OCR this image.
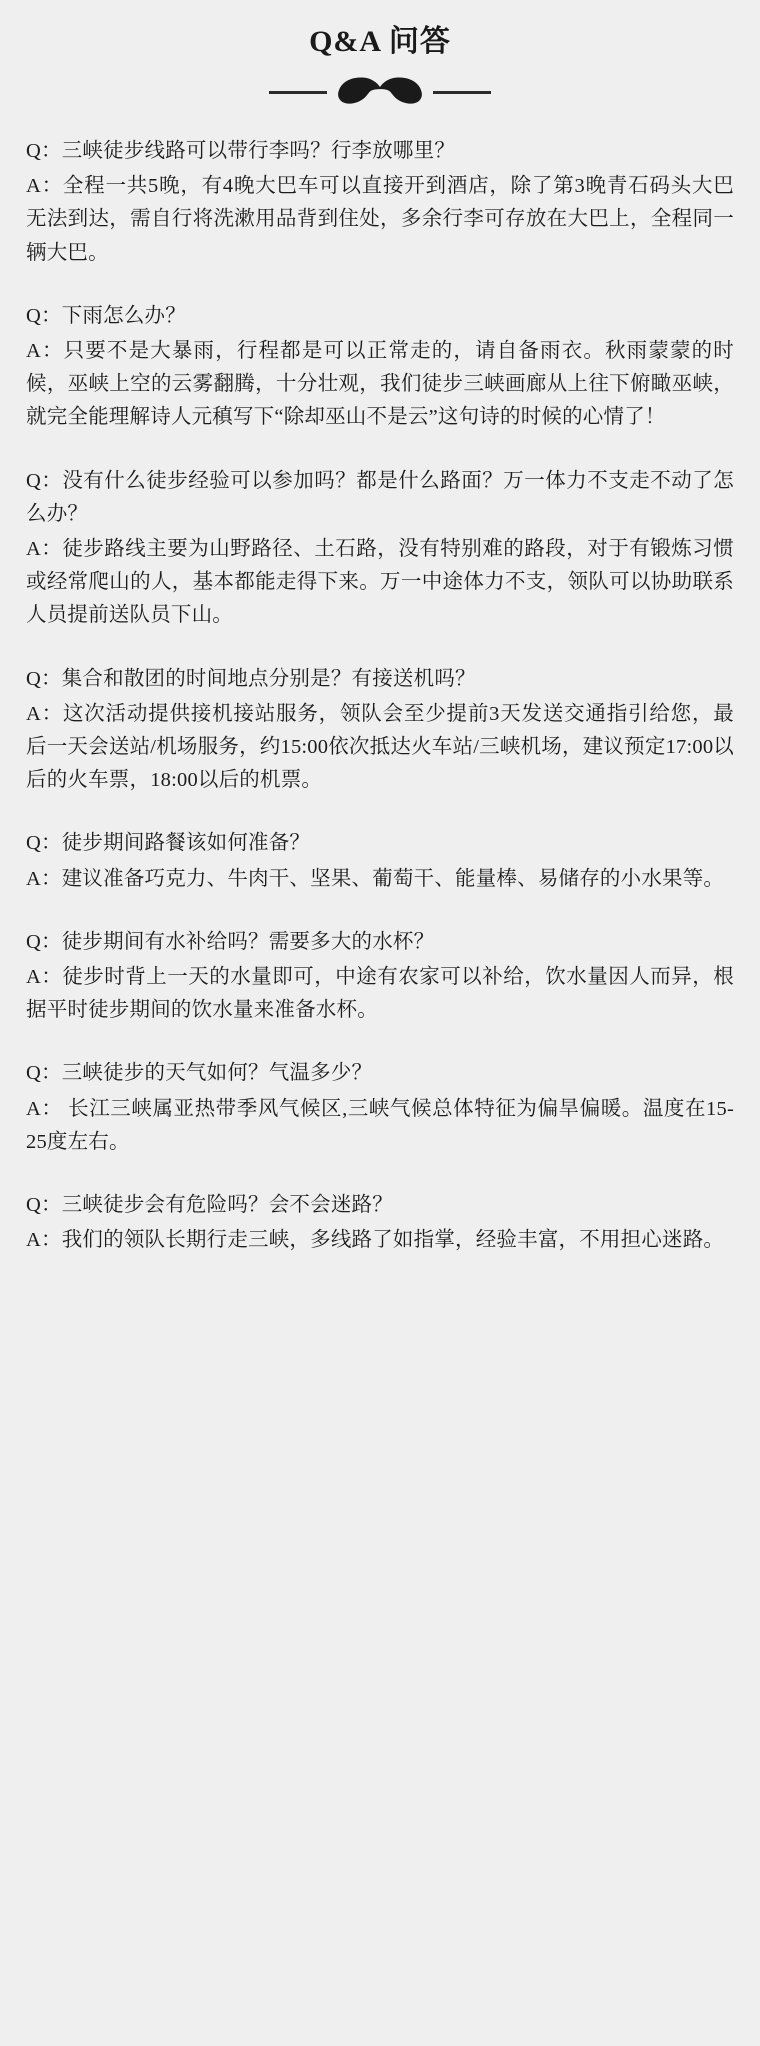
Q&A 问答
Q：三峡徒步线路可以带行李吗？行李放哪里？
A：全程一共5晚，有4晚大巴车可以直接开到酒店，除了第3晚青石码头大巴无法到达，需自行将洗漱用品背到住处，多余行李可存放在大巴上，全程同一辆大巴。
Q：下雨怎么办？
A：只要不是大暴雨，行程都是可以正常走的，请自备雨衣。秋雨蒙蒙的时候，巫峡上空的云雾翻腾，十分壮观，我们徒步三峡画廊从上往下俯瞰巫峡，就完全能理解诗人元稹写下“除却巫山不是云”这句诗的时候的心情了！
Q：没有什么徒步经验可以参加吗？都是什么路面？万一体力不支走不动了怎么办？
A：徒步路线主要为山野路径、土石路，没有特别难的路段，对于有锻炼习惯或经常爬山的人，基本都能走得下来。万一中途体力不支，领队可以协助联系人员提前送队员下山。
Q：集合和散团的时间地点分别是？有接送机吗？
A：这次活动提供接机接站服务，领队会至少提前3天发送交通指引给您，最后一天会送站/机场服务，约15:00依次抵达火车站/三峡机场，建议预定17:00以后的火车票，18:00以后的机票。
Q：徒步期间路餐该如何准备？
A：建议准备巧克力、牛肉干、坚果、葡萄干、能量棒、易储存的小水果等。
Q：徒步期间有水补给吗？需要多大的水杯？
A：徒步时背上一天的水量即可，中途有农家可以补给，饮水量因人而异，根据平时徒步期间的饮水量来准备水杯。
Q：三峡徒步的天气如何？气温多少？
A： 长江三峡属亚热带季风气候区,三峡气候总体特征为偏旱偏暖。温度在15-25度左右。
Q：三峡徒步会有危险吗？会不会迷路？
A：我们的领队长期行走三峡，多线路了如指掌，经验丰富，不用担心迷路。
